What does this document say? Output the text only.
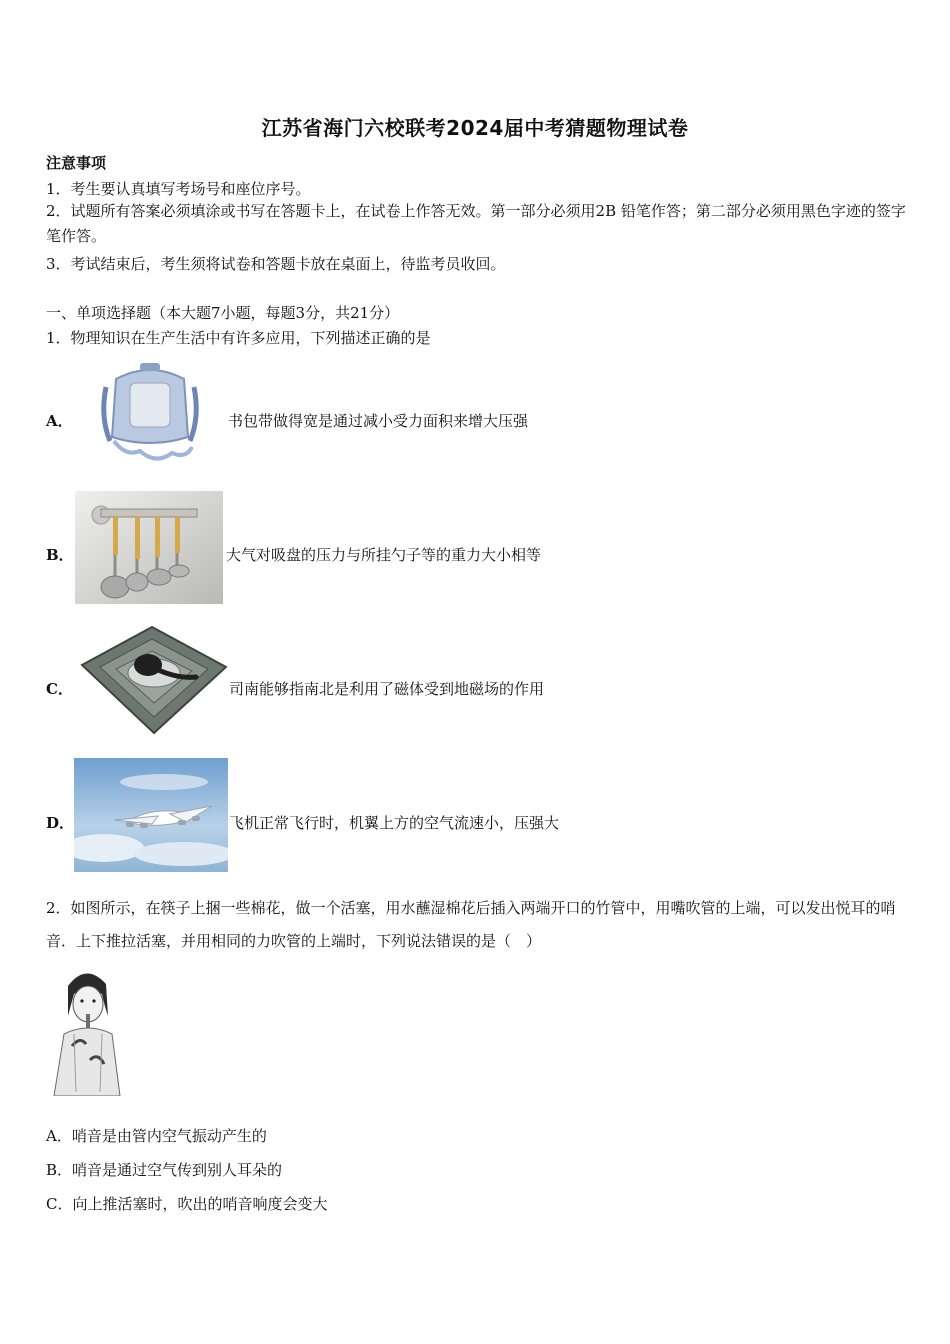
江苏省海门六校联考2024届中考猜题物理试卷
注意事项
1．考生要认真填写考场号和座位序号。
2．试题所有答案必须填涂或书写在答题卡上，在试卷上作答无效。第一部分必须用2B 铅笔作答；第二部分必须用黑色字迹的签字笔作答。
3．考试结束后，考生须将试卷和答题卡放在桌面上，待监考员收回。
一、单项选择题（本大题7小题，每题3分，共21分）
1．物理知识在生产生活中有许多应用，下列描述正确的是
A．	书包带做得宽是通过减小受力面积来增大压强
B．	大气对吸盘的压力与所挂勺子等的重力大小相等
C．	司南能够指南北是利用了磁体受到地磁场的作用
D．	飞机正常飞行时，机翼上方的空气流速小，压强大
2．如图所示，在筷子上捆一些棉花，做一个活塞，用水蘸湿棉花后插入两端开口的竹管中，用嘴吹管的上端，可以发出悦耳的哨音．上下推拉活塞，并用相同的力吹管的上端时，下列说法错误的是（　）
A．哨音是由管内空气振动产生的
B．哨音是通过空气传到别人耳朵的
C．向上推活塞时，吹出的哨音响度会变大
